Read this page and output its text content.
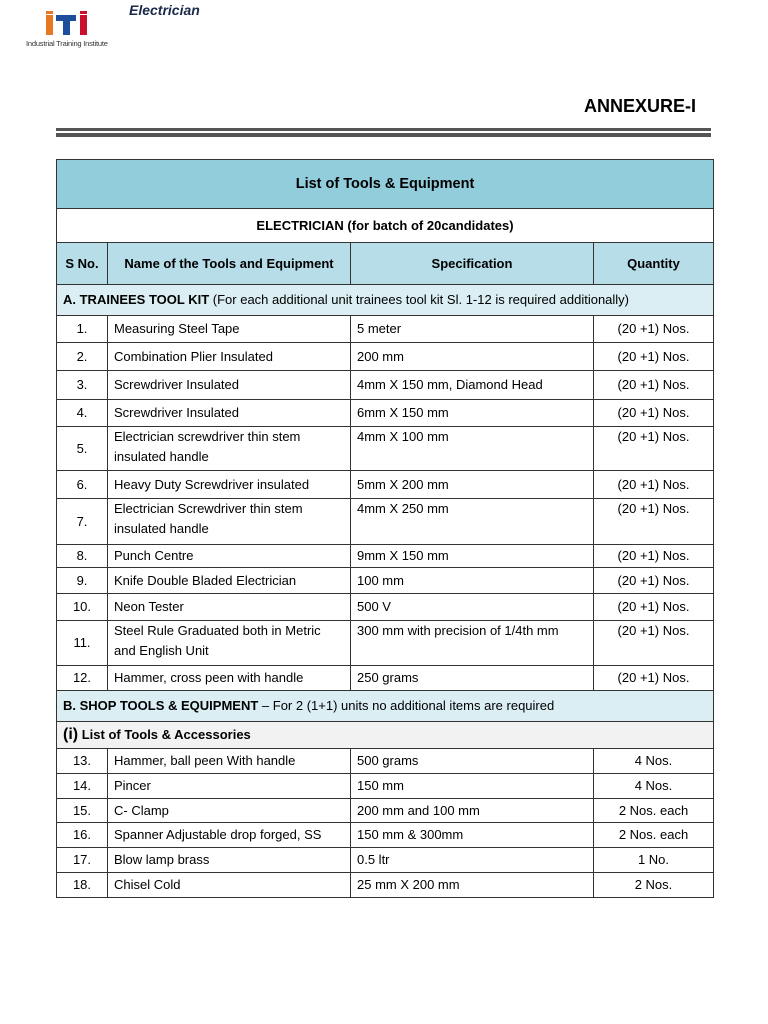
Industrial Training Institute
Electrician
ANNEXURE-I
List of Tools & Equipment			
ELECTRICIAN (for batch of 20candidates)			
S No.	Name of the Tools and Equipment	Specification	Quantity
A. TRAINEES TOOL KIT (For each additional unit trainees tool kit Sl. 1-12 is required additionally)			
1.	Measuring Steel Tape	5 meter	(20 +1) Nos.
2.	Combination Plier Insulated	200 mm	(20 +1) Nos.
3.	Screwdriver Insulated	4mm X 150 mm, Diamond Head	(20 +1) Nos.
4.	Screwdriver Insulated	6mm X 150 mm	(20 +1) Nos.
5.	Electrician screwdriver thin stem insulated handle	4mm X 100 mm	(20 +1) Nos.
6.	Heavy Duty Screwdriver insulated	5mm X 200 mm	(20 +1) Nos.
7.	Electrician Screwdriver thin stem insulated handle	4mm X 250 mm	(20 +1) Nos.
8.	Punch Centre	9mm X 150 mm	(20 +1) Nos.
9.	Knife Double Bladed Electrician	100 mm	(20 +1) Nos.
10.	Neon Tester	500 V	(20 +1) Nos.
11.	Steel Rule Graduated both in Metric and English Unit	300 mm with precision of 1/4th mm	(20 +1) Nos.
12.	Hammer, cross peen with handle	250 grams	(20 +1) Nos.
B. SHOP TOOLS & EQUIPMENT – For 2 (1+1) units no additional items are required			
(i) List of Tools & Accessories			
13.	Hammer, ball peen With handle	500 grams	4 Nos.
14.	Pincer	150 mm	4 Nos.
15.	C- Clamp	200 mm and 100 mm	2 Nos. each
16.	Spanner Adjustable drop forged, SS	150 mm & 300mm	2 Nos. each
17.	Blow lamp brass	0.5 ltr	1 No.
18.	Chisel Cold	25 mm X 200 mm	2 Nos.
